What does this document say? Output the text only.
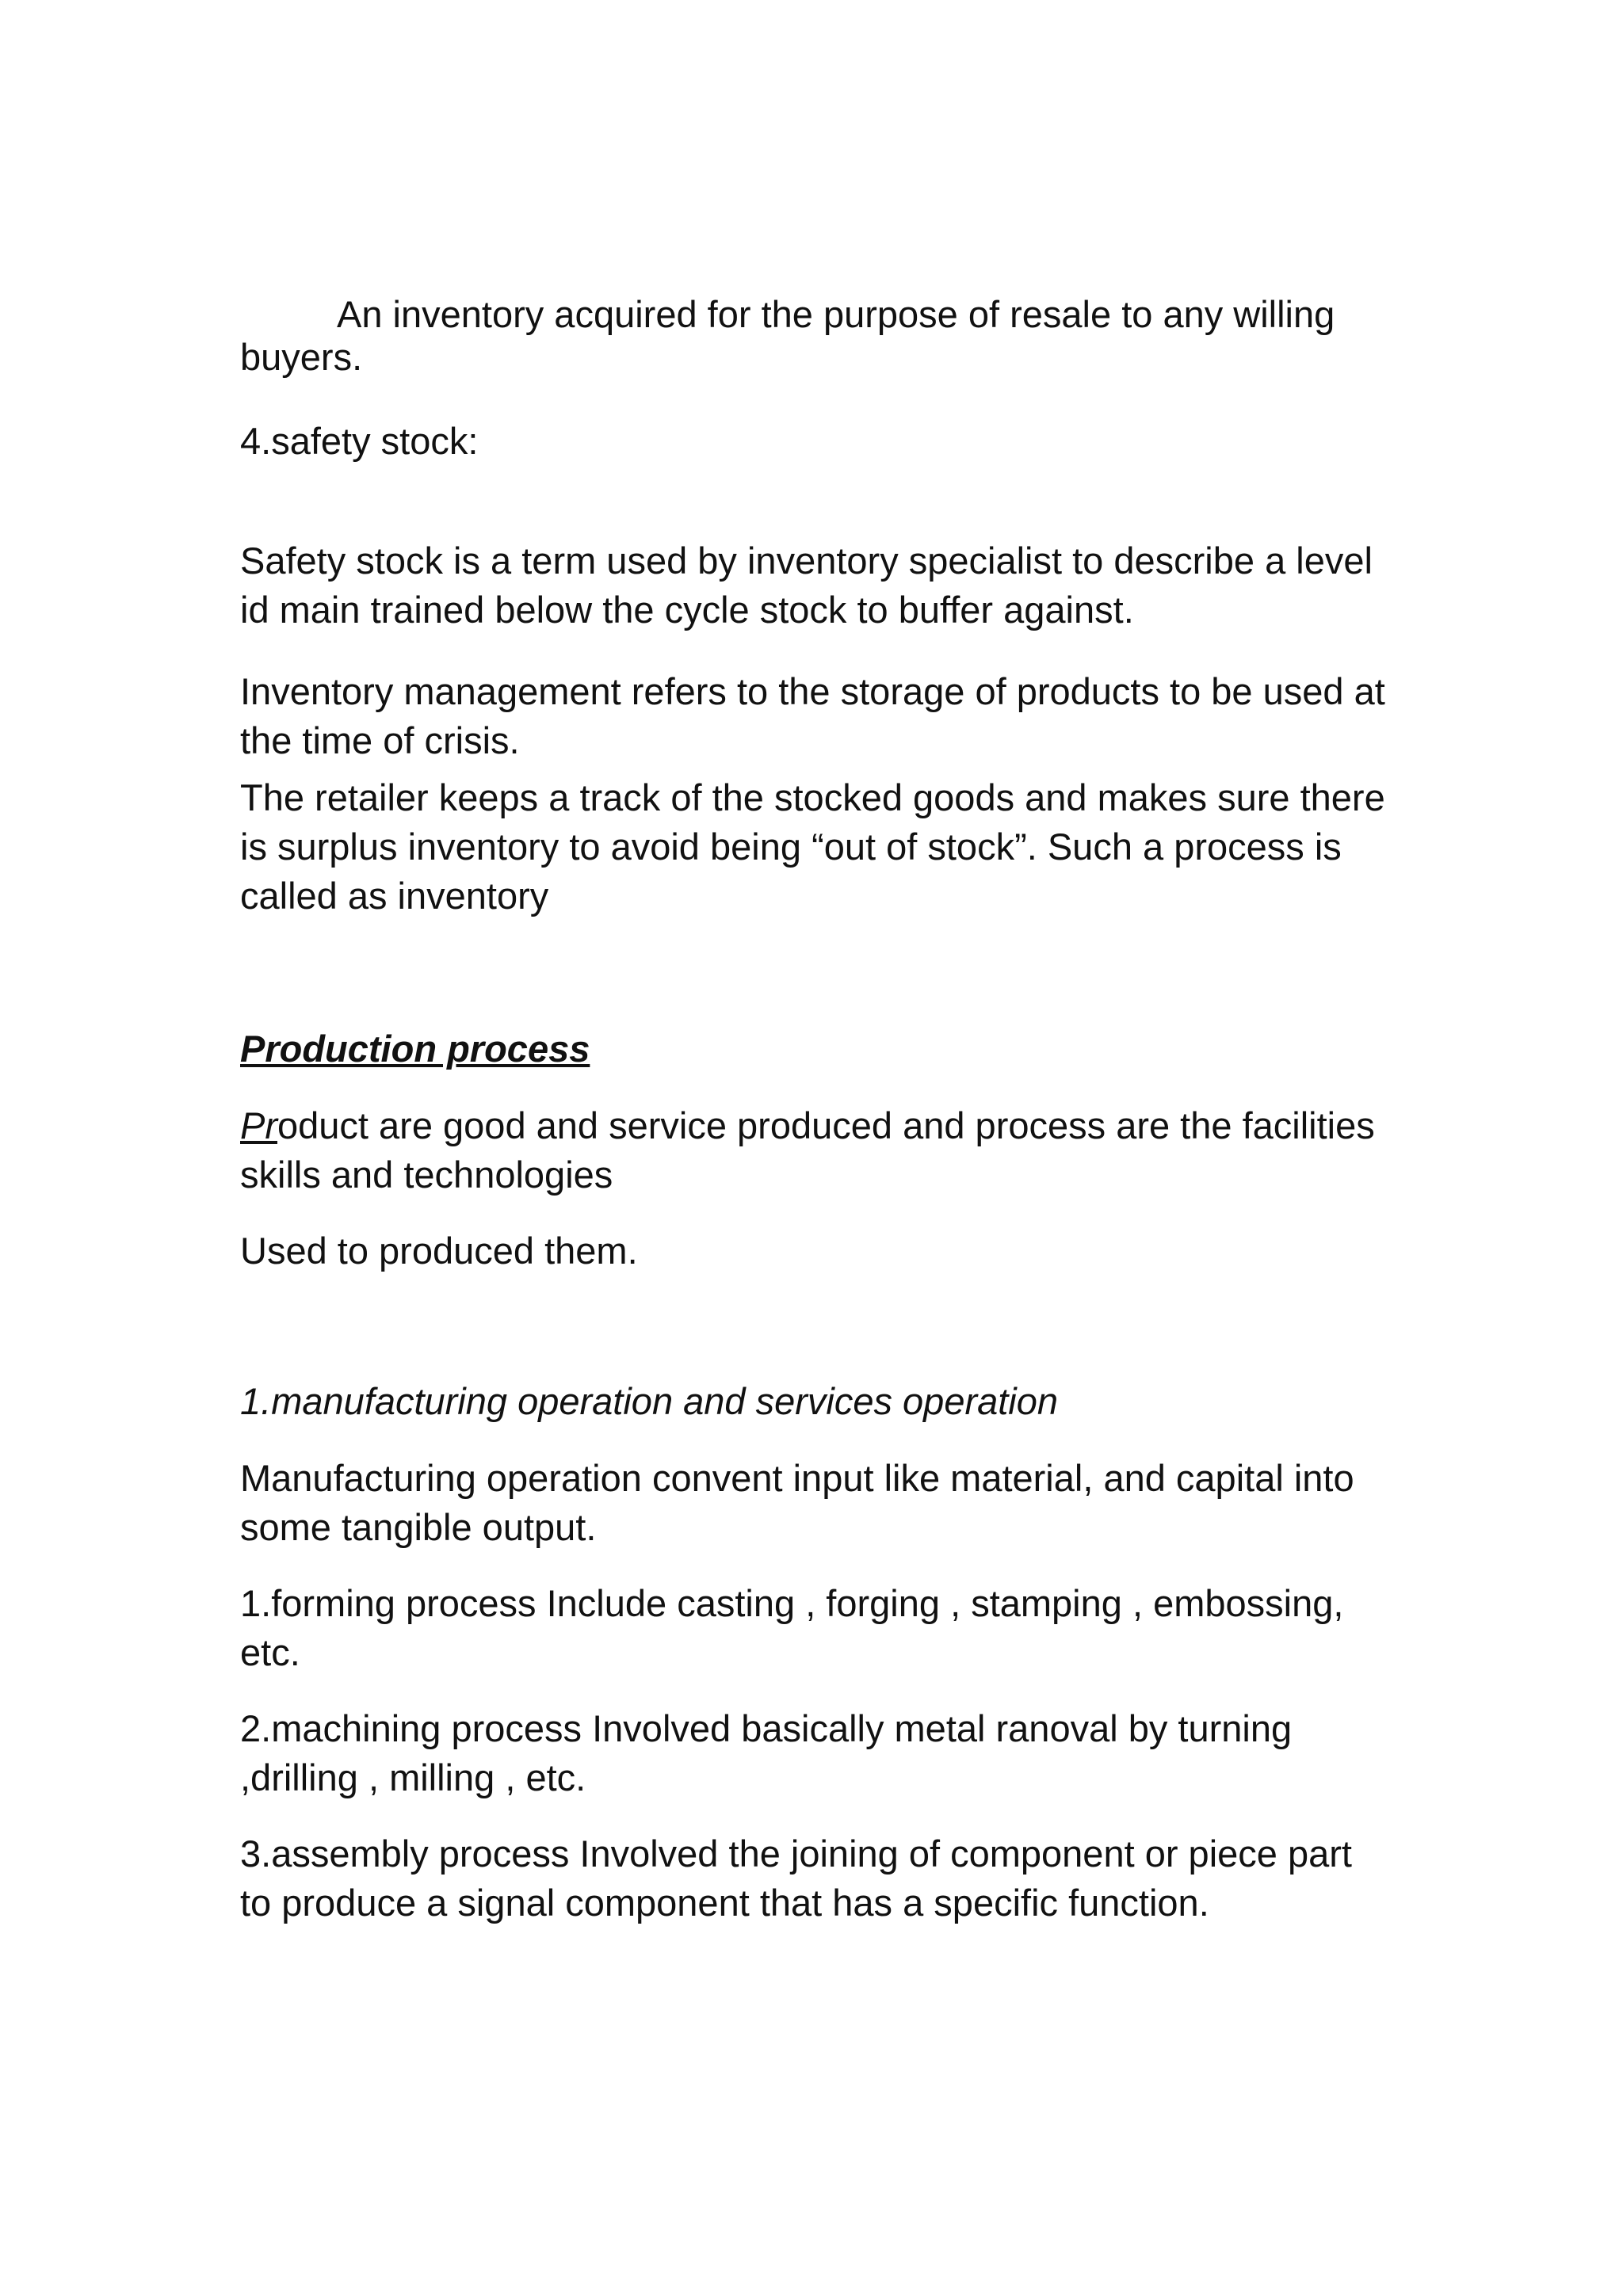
An inventory acquired for the purpose of resale to any willing

buyers.

4.safety stock:

Safety stock is a term used by inventory specialist to describe a level

id main trained below the cycle stock to buffer against.

Inventory management refers to the storage of products to be used at

the time of crisis.

The retailer keeps a track of the stocked goods and makes sure there

is surplus inventory to avoid being “out of stock”. Such a process is

called as inventory

Production process

Product are good and service produced and process are the facilities

skills and technologies

Used to produced them.

1.manufacturing operation and services operation

Manufacturing operation convent input like material, and capital into

some tangible output.

1.forming process Include casting , forging , stamping , embossing,

etc.

2.machining process Involved basically metal ranoval by turning

,drilling , milling , etc.

3.assembly process Involved the joining of component or piece part

to produce a signal component that has a specific function.
